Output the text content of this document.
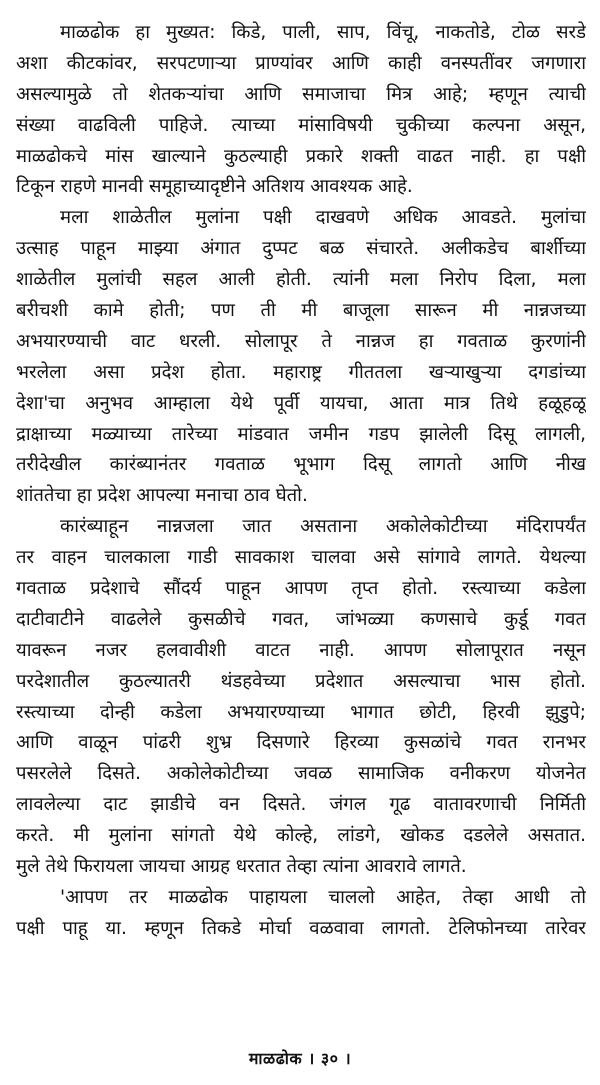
माळढोक हा मुख्यत: किडे, पाली, साप, विंचू, नाकतोडे, टोळ सरडे
अशा कीटकांवर, सरपटणाऱ्या प्राण्यांवर आणि काही वनस्पतींवर जगणारा
असल्यामुळे तो शेतकऱ्यांचा आणि समाजाचा मित्र आहे; म्हणून त्याची
संख्या वाढविली पाहिजे. त्याच्या मांसाविषयी चुकीच्या कल्पना असून,
माळढोकचे मांस खाल्याने कुठल्याही प्रकारे शक्ती वाढत नाही. हा पक्षी
टिकून राहणे मानवी समूहाच्यादृष्टीने अतिशय आवश्यक आहे.

मला शाळेतील मुलांना पक्षी दाखवणे अधिक आवडते. मुलांचा
उत्साह पाहून माझ्या अंगात दुप्पट बळ संचारते. अलीकडेच बार्शीच्या
शाळेतील मुलांची सहल आली होती. त्यांनी मला निरोप दिला, मला
बरीचशी कामे होती; पण ती मी बाजूला सारून मी नान्नजच्या
अभयारण्याची वाट धरली. सोलापूर ते नान्नज हा गवताळ कुरणांनी
भरलेला असा प्रदेश होता. महाराष्ट्र गीततला खऱ्याखुऱ्या दगडांच्या
देशा'चा अनुभव आम्हाला येथे पूर्वी यायचा, आता मात्र तिथे हळूहळू
द्राक्षाच्या मळ्याच्या तारेच्या मांडवात जमीन गडप झालेली दिसू लागली,
तरीदेखील कारंब्यानंतर गवताळ भूभाग दिसू लागतो आणि नीख
शांततेचा हा प्रदेश आपल्या मनाचा ठाव घेतो.

कारंब्याहून नान्नजला जात असताना अकोलेकोटीच्या मंदिरापर्यंत
तर वाहन चालकाला गाडी सावकाश चालवा असे सांगावे लागते. येथल्या
गवताळ प्रदेशाचे सौंदर्य पाहून आपण तृप्त होतो. रस्त्याच्या कडेला
दाटीवाटीने वाढलेले कुसळीचे गवत, जांभळ्या कणसाचे कुर्डू गवत
यावरून नजर हलवावीशी वाटत नाही. आपण सोलापूरात नसून
परदेशातील कुठल्यातरी थंडहवेच्या प्रदेशात असल्याचा भास होतो.
रस्त्याच्या दोन्ही कडेला अभयारण्याच्या भागात छोटी, हिरवी झुडुपे;
आणि वाळून पांढरी शुभ्र दिसणारे हिरव्या कुसळांचे गवत रानभर
पसरलेले दिसते. अकोलेकोटीच्या जवळ सामाजिक वनीकरण योजनेत
लावलेल्या दाट झाडीचे वन दिसते. जंगल गूढ वातावरणाची निर्मिती
करते. मी मुलांना सांगतो येथे कोल्हे, लांडगे, खोकड दडलेले असतात.
मुले तेथे फिरायला जायचा आग्रह धरतात तेव्हा त्यांना आवरावे लागते.

'आपण तर माळढोक पाहायला चाललो आहेत, तेव्हा आधी तो
पक्षी पाहू या. म्हणून तिकडे मोर्चा वळवावा लागतो. टेलिफोनच्या तारेवर

माळढोक । ३० ।
